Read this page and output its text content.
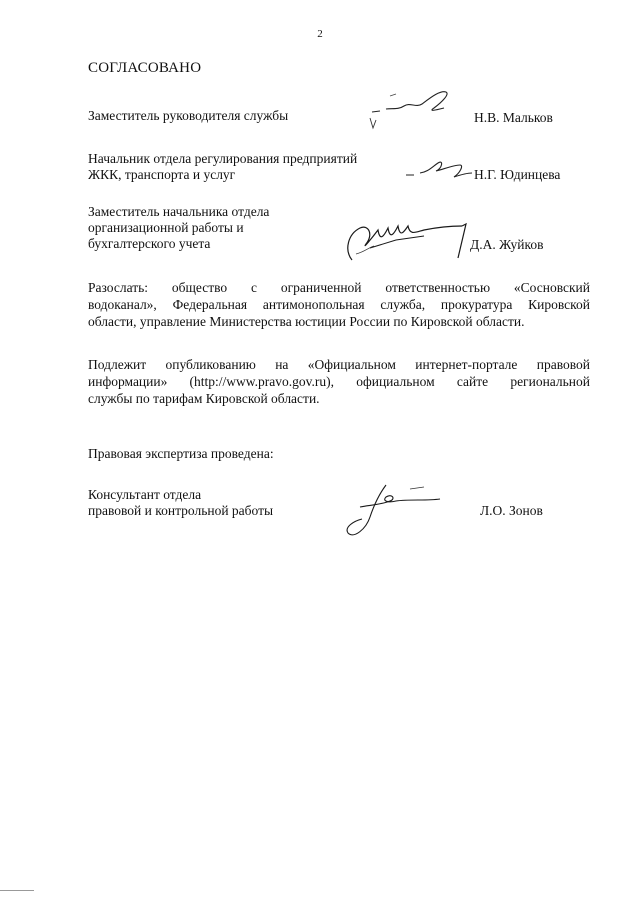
2
СОГЛАСОВАНО
Заместитель руководителя службы	Н.В. Мальков
Начальник отдела регулирования предприятий
ЖКК, транспорта и услуг	Н.Г. Юдинцева
Заместитель начальника отдела
организационной работы и
бухгалтерского учета	Д.А. Жуйков
Разослать: общество с ограниченной ответственностью «Сосновский
водоканал», Федеральная антимонопольная служба, прокуратура Кировской
области, управление Министерства юстиции России по Кировской области.
Подлежит опубликованию на «Официальном интернет-портале правовой
информации» (http://www.pravo.gov.ru), официальном сайте региональной
службы по тарифам Кировской области.
Правовая экспертиза проведена:
Консультант отдела
правовой и контрольной работы	Л.О. Зонов
